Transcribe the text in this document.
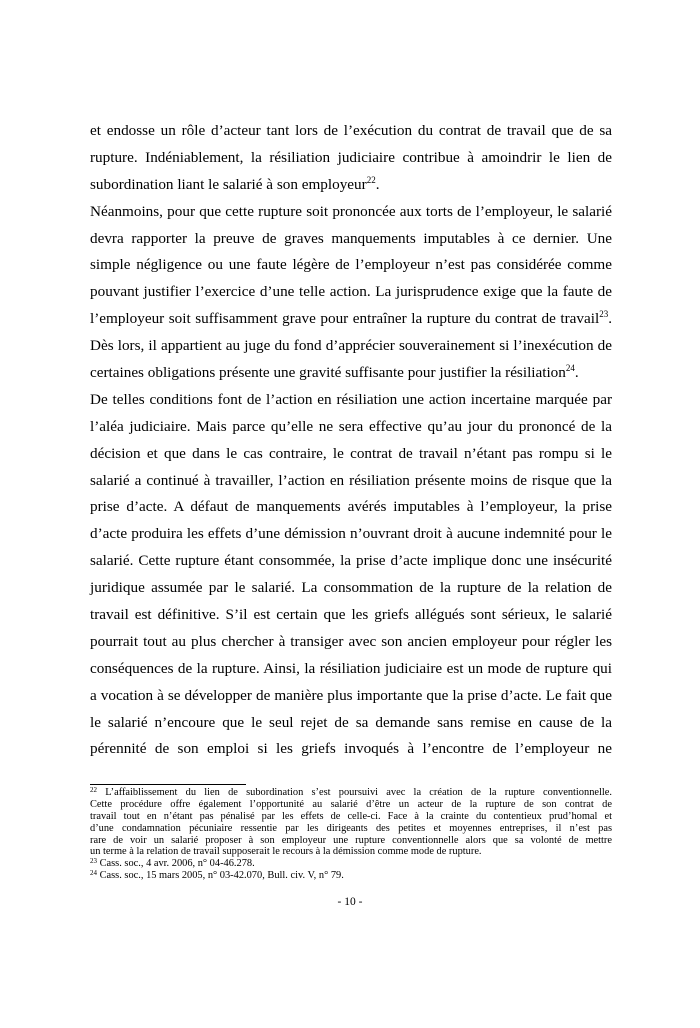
et endosse un rôle d’acteur tant lors de l’exécution du contrat de travail que de sa
rupture. Indéniablement, la résiliation judiciaire contribue à amoindrir le lien de
subordination liant le salarié à son employeur$^{22}$.
Néanmoins, pour que cette rupture soit prononcée aux torts de l’employeur, le salarié
devra rapporter la preuve de graves manquements imputables à ce dernier. Une
simple négligence ou une faute légère de l’employeur n’est pas considérée comme
pouvant justifier l’exercice d’une telle action. La jurisprudence exige que la faute de
l’employeur soit suffisamment grave pour entraîner la rupture du contrat de travail$^{23}$.
Dès lors, il appartient au juge du fond d’apprécier souverainement si l’inexécution de
certaines obligations présente une gravité suffisante pour justifier la résiliation$^{24}$.
De telles conditions font de l’action en résiliation une action incertaine marquée par
l’aléa judiciaire. Mais parce qu’elle ne sera effective qu’au jour du prononcé de la
décision et que dans le cas contraire, le contrat de travail n’étant pas rompu si le
salarié a continué à travailler, l’action en résiliation présente moins de risque que la
prise d’acte. A défaut de manquements avérés imputables à l’employeur, la prise
d’acte produira les effets d’une démission n’ouvrant droit à aucune indemnité pour le
salarié. Cette rupture étant consommée, la prise d’acte implique donc une insécurité
juridique assumée par le salarié. La consommation de la rupture de la relation de
travail est définitive. S’il est certain que les griefs allégués sont sérieux, le salarié
pourrait tout au plus chercher à transiger avec son ancien employeur pour régler les
conséquences de la rupture. Ainsi, la résiliation judiciaire est un mode de rupture qui
a vocation à se développer de manière plus importante que la prise d’acte. Le fait que
le salarié n’encoure que le seul rejet de sa demande sans remise en cause de la
pérennité de son emploi si les griefs invoqués à l’encontre de l’employeur ne
$^{22}$ L’affaiblissement du lien de subordination s’est poursuivi avec la création de la rupture conventionnelle.
Cette procédure offre également l’opportunité au salarié d’être un acteur de la rupture de son contrat de
travail tout en n’étant pas pénalisé par les effets de celle-ci. Face à la crainte du contentieux prud’homal et
d’une condamnation pécuniaire ressentie par les dirigeants des petites et moyennes entreprises, il n’est pas
rare de voir un salarié proposer à son employeur une rupture conventionnelle alors que sa volonté de mettre
un terme à la relation de travail supposerait le recours à la démission comme mode de rupture.
$^{23}$ Cass. soc., 4 avr. 2006, n° 04-46.278.
$^{24}$ Cass. soc., 15 mars 2005, n° 03-42.070, Bull. civ. V, n° 79.
- 10 -
